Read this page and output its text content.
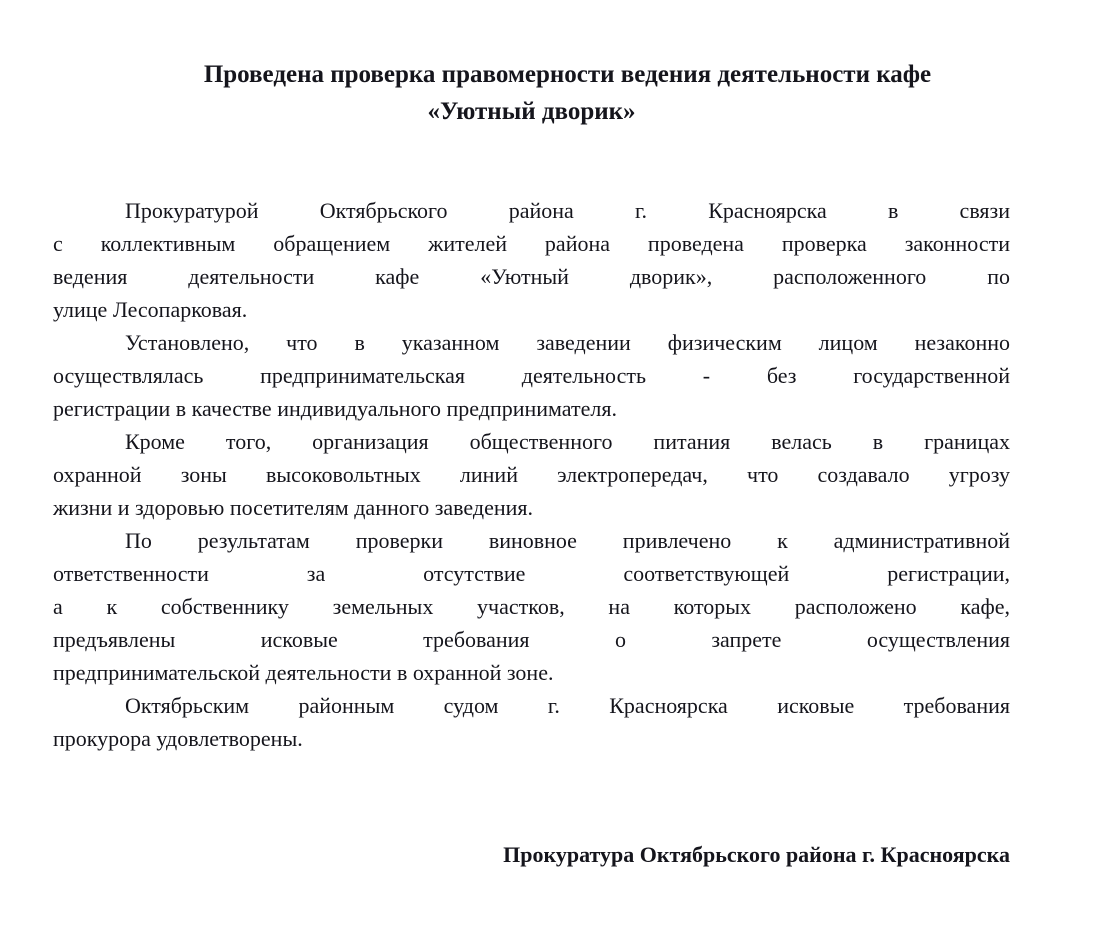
Проведена проверка правомерности ведения деятельности кафе
«Уютный дворик»

Прокуратурой Октябрьского района г. Красноярска в связи
с коллективным обращением жителей района проведена проверка законности
ведения деятельности кафе «Уютный дворик», расположенного по
улице Лесопарковая.

Установлено, что в указанном заведении физическим лицом незаконно
осуществлялась предпринимательская деятельность - без государственной
регистрации в качестве индивидуального предпринимателя.

Кроме того, организация общественного питания велась в границах
охранной зоны высоковольтных линий электропередач, что создавало угрозу
жизни и здоровью посетителям данного заведения.

По результатам проверки виновное привлечено к административной
ответственности за отсутствие соответствующей регистрации,
а к собственнику земельных участков, на которых расположено кафе,
предъявлены исковые требования о запрете осуществления
предпринимательской деятельности в охранной зоне.

Октябрьским районным судом г. Красноярска исковые требования
прокурора удовлетворены.

Прокуратура Октябрьского района г. Красноярска
